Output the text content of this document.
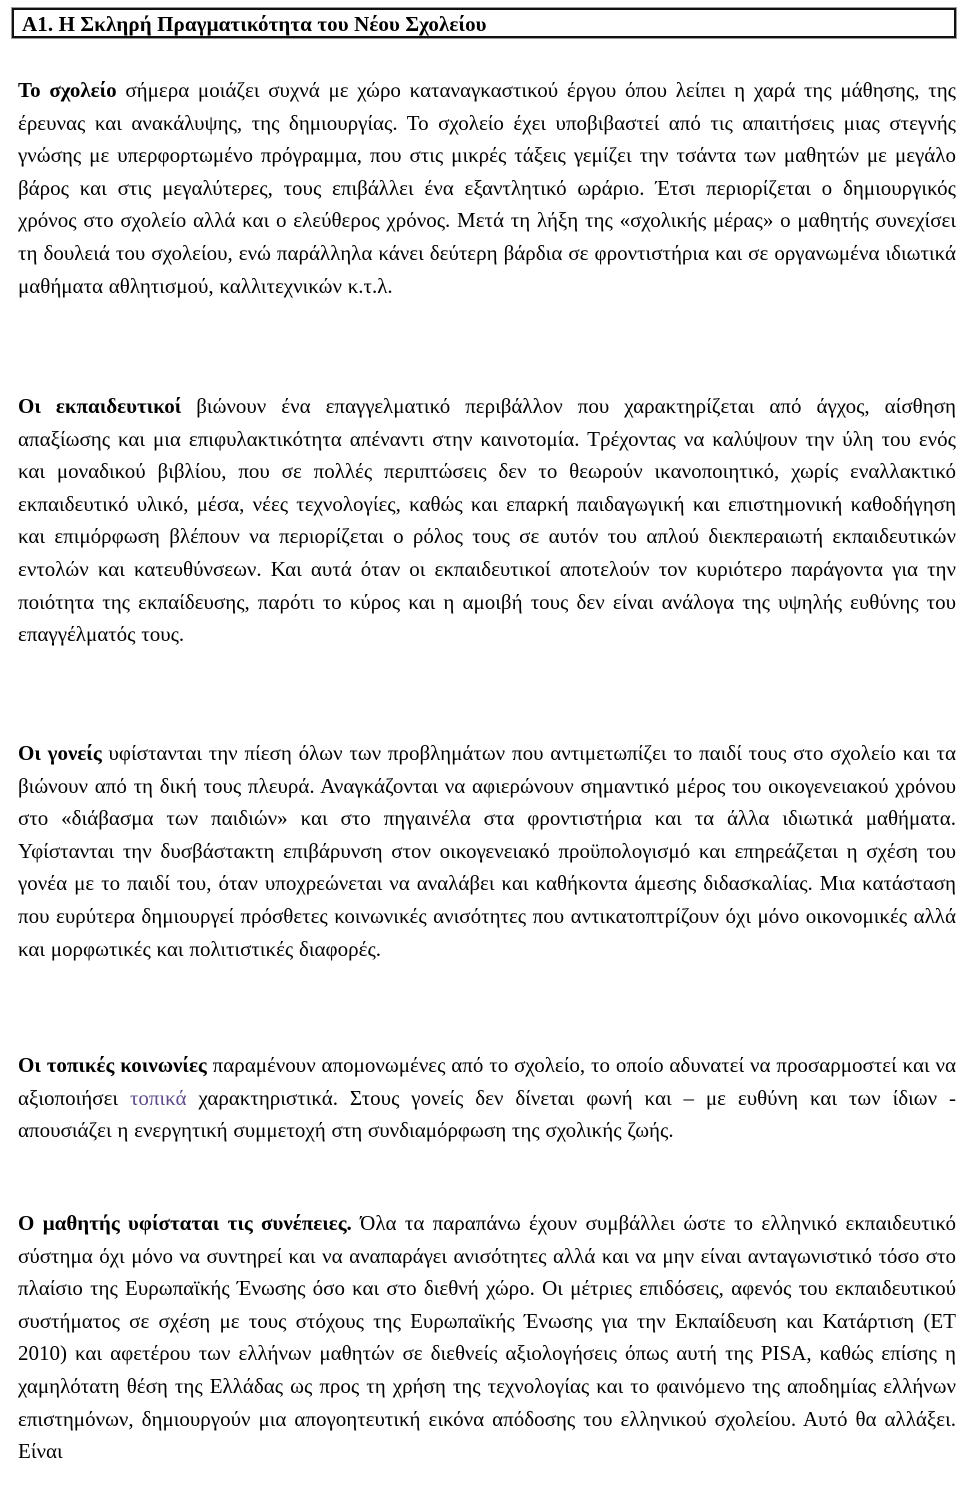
Α1. Η Σκληρή Πραγματικότητα του Νέου Σχολείου
Το σχολείο σήμερα μοιάζει συχνά με χώρο καταναγκαστικού έργου όπου λείπει η χαρά της μάθησης, της έρευνας και ανακάλυψης, της δημιουργίας. Το σχολείο έχει υποβιβαστεί από τις απαιτήσεις μιας στεγνής γνώσης με υπερφορτωμένο πρόγραμμα, που στις μικρές τάξεις γεμίζει την τσάντα των μαθητών με μεγάλο βάρος και στις μεγαλύτερες, τους επιβάλλει ένα εξαντλητικό ωράριο. Έτσι περιορίζεται ο δημιουργικός χρόνος στο σχολείο αλλά και ο ελεύθερος χρόνος. Μετά τη λήξη της «σχολικής μέρας» ο μαθητής συνεχίσει τη δουλειά του σχολείου, ενώ παράλληλα κάνει δεύτερη βάρδια σε φροντιστήρια και σε οργανωμένα ιδιωτικά μαθήματα αθλητισμού, καλλιτεχνικών κ.τ.λ.
Οι εκπαιδευτικοί βιώνουν ένα επαγγελματικό περιβάλλον που χαρακτηρίζεται από άγχος, αίσθηση απαξίωσης και μια επιφυλακτικότητα απέναντι στην καινοτομία. Τρέχοντας να καλύψουν την ύλη του ενός και μοναδικού βιβλίου, που σε πολλές περιπτώσεις δεν το θεωρούν ικανοποιητικό, χωρίς εναλλακτικό εκπαιδευτικό υλικό, μέσα, νέες τεχνολογίες, καθώς και επαρκή παιδαγωγική και επιστημονική καθοδήγηση και επιμόρφωση βλέπουν να περιορίζεται ο ρόλος τους σε αυτόν του απλού διεκπεραιωτή εκπαιδευτικών εντολών και κατευθύνσεων. Και αυτά όταν οι εκπαιδευτικοί αποτελούν τον κυριότερο παράγοντα για την ποιότητα της εκπαίδευσης, παρότι το κύρος και η αμοιβή τους δεν είναι ανάλογα της υψηλής ευθύνης του επαγγέλματός τους.
Οι γονείς υφίστανται την πίεση όλων των προβλημάτων που αντιμετωπίζει το παιδί τους στο σχολείο και τα βιώνουν από τη δική τους πλευρά. Αναγκάζονται να αφιερώνουν σημαντικό μέρος του οικογενειακού χρόνου στο «διάβασμα των παιδιών» και στο πηγαινέλα στα φροντιστήρια και τα άλλα ιδιωτικά μαθήματα. Υφίστανται την δυσβάστακτη επιβάρυνση στον οικογενειακό προϋπολογισμό και επηρεάζεται η σχέση του γονέα με το παιδί του, όταν υποχρεώνεται να αναλάβει και καθήκοντα άμεσης διδασκαλίας. Μια κατάσταση που ευρύτερα δημιουργεί πρόσθετες κοινωνικές ανισότητες που αντικατοπτρίζουν όχι μόνο οικονομικές αλλά και μορφωτικές και πολιτιστικές διαφορές.
Οι τοπικές κοινωνίες παραμένουν απομονωμένες από το σχολείο, το οποίο αδυνατεί να προσαρμοστεί και να αξιοποιήσει τοπικά χαρακτηριστικά. Στους γονείς δεν δίνεται φωνή και – με ευθύνη και των ίδιων - απουσιάζει η ενεργητική συμμετοχή στη συνδιαμόρφωση της σχολικής ζωής.
Ο μαθητής υφίσταται τις συνέπειες. Όλα τα παραπάνω έχουν συμβάλλει ώστε το ελληνικό εκπαιδευτικό σύστημα όχι μόνο να συντηρεί και να αναπαράγει ανισότητες αλλά και να μην είναι ανταγωνιστικό τόσο στο πλαίσιο της Ευρωπαϊκής Ένωσης όσο και στο διεθνή χώρο. Οι μέτριες επιδόσεις, αφενός του εκπαιδευτικού συστήματος σε σχέση με τους στόχους της Ευρωπαϊκής Ένωσης για την Εκπαίδευση και Κατάρτιση (ΕΤ 2010) και αφετέρου των ελλήνων μαθητών σε διεθνείς αξιολογήσεις όπως αυτή της PISA, καθώς επίσης η χαμηλότατη θέση της Ελλάδας ως προς τη χρήση της τεχνολογίας και το φαινόμενο της αποδημίας ελλήνων επιστημόνων, δημιουργούν μια απογοητευτική εικόνα απόδοσης του ελληνικού σχολείου. Αυτό θα αλλάξει. Είναι
